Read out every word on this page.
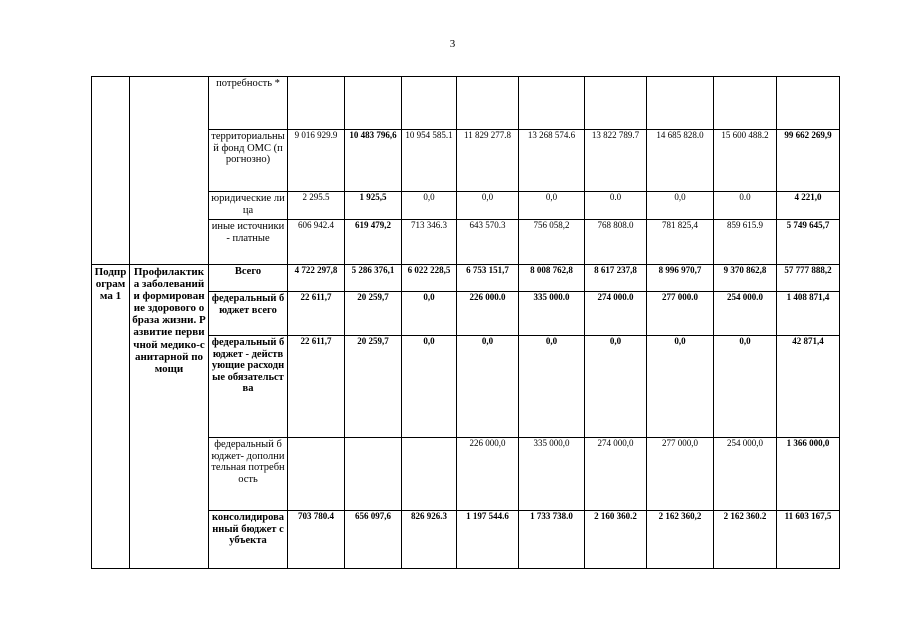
3
		потребность *									
		территориальный фонд ОМС (прогнозно)	9 016 929.9	10 483 796,6	10 954 585.1	11 829 277.8	13 268 574.6	13 822 789.7	14 685 828.0	15 600 488.2	99 662 269,9
		юридические лица	2 295.5	1 925,5	0,0	0,0	0,0	0.0	0,0	0.0	4 221,0
		иные источники - платные	606 942.4	619 479,2	713 346.3	643 570.3	756 058,2	768 808.0	781 825,4	859 615.9	5 749 645,7
Подпрограмма 1	Профилактика заболеваний и формирование здорового образа жизни. Развитие первичной медико-санитарной помощи	Всего	4 722 297,8	5 286 376,1	6 022 228,5	6 753 151,7	8 008 762,8	8 617 237,8	8 996 970,7	9 370 862,8	57 777 888,2
		федеральный бюджет всего	22 611,7	20 259,7	0,0	226 000.0	335 000.0	274 000.0	277 000.0	254 000.0	1 408 871,4
		федеральный бюджет - действующие расходные обязательства	22 611,7	20 259,7	0,0	0,0	0,0	0,0	0,0	0,0	42 871,4
		федеральный бюджет- дополнительная потребность				226 000,0	335 000,0	274 000,0	277 000,0	254 000,0	1 366 000,0
		консолидированный бюджет субъекта	703 780.4	656 097,6	826 926.3	1 197 544.6	1 733 738.0	2 160 360.2	2 162 360,2	2 162 360.2	11 603 167,5
